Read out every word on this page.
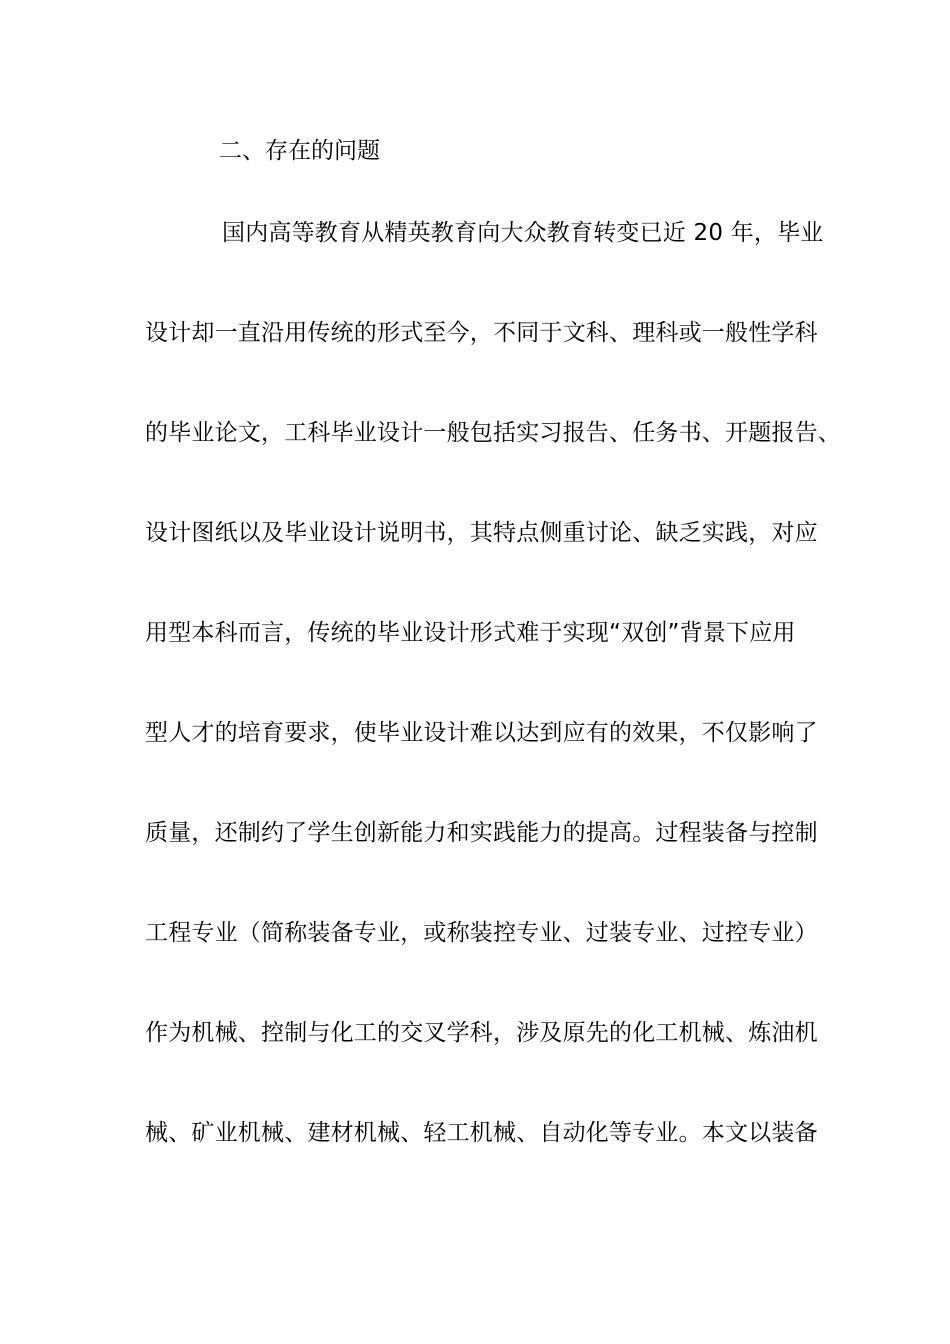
二、存在的问题
国内高等教育从精英教育向大众教育转变已近 20 年，毕业
设计却一直沿用传统的形式至今，不同于文科、理科或一般性学科
的毕业论文，工科毕业设计一般包括实习报告、任务书、开题报告、
设计图纸以及毕业设计说明书，其特点侧重讨论、缺乏实践，对应
用型本科而言，传统的毕业设计形式难于实现“双创”背景下应用
型人才的培育要求，使毕业设计难以达到应有的效果，不仅影响了
质量，还制约了学生创新能力和实践能力的提高。过程装备与控制
工程专业（简称装备专业，或称装控专业、过装专业、过控专业）
作为机械、控制与化工的交叉学科，涉及原先的化工机械、炼油机
械、矿业机械、建材机械、轻工机械、自动化等专业。本文以装备
